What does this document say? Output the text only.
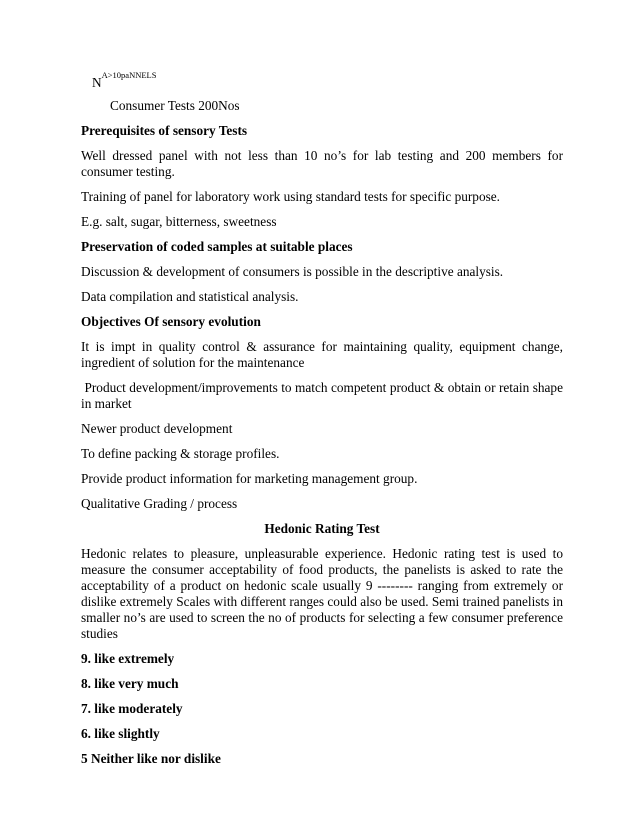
NA>10paNNELS

Consumer Tests 200Nos

Prerequisites of sensory Tests

Well dressed panel with not less than 10 no’s for lab testing and 200 members for consumer testing.

Training of panel for laboratory work using standard tests for specific purpose.

E.g. salt, sugar, bitterness, sweetness

Preservation of coded samples at suitable places

Discussion & development of consumers is possible in the descriptive analysis.

Data compilation and statistical analysis.

Objectives Of sensory evolution

It is impt in quality control & assurance for maintaining quality, equipment change, ingredient of solution for the maintenance

Product development/improvements to match competent product & obtain or retain shape in market

Newer product development

To define packing & storage profiles.

Provide product information for marketing management group.

Qualitative Grading / process

Hedonic Rating Test

Hedonic relates to pleasure, unpleasurable experience. Hedonic rating test is used to measure the consumer acceptability of food products, the panelists is asked to rate the acceptability of a product on hedonic scale usually 9 -------- ranging from extremely or dislike extremely Scales with different ranges could also be used. Semi trained panelists in smaller no’s are used to screen the no of products for selecting a few consumer preference studies

9. like extremely

8. like very much

7. like moderately

6. like slightly

5 Neither like nor dislike
